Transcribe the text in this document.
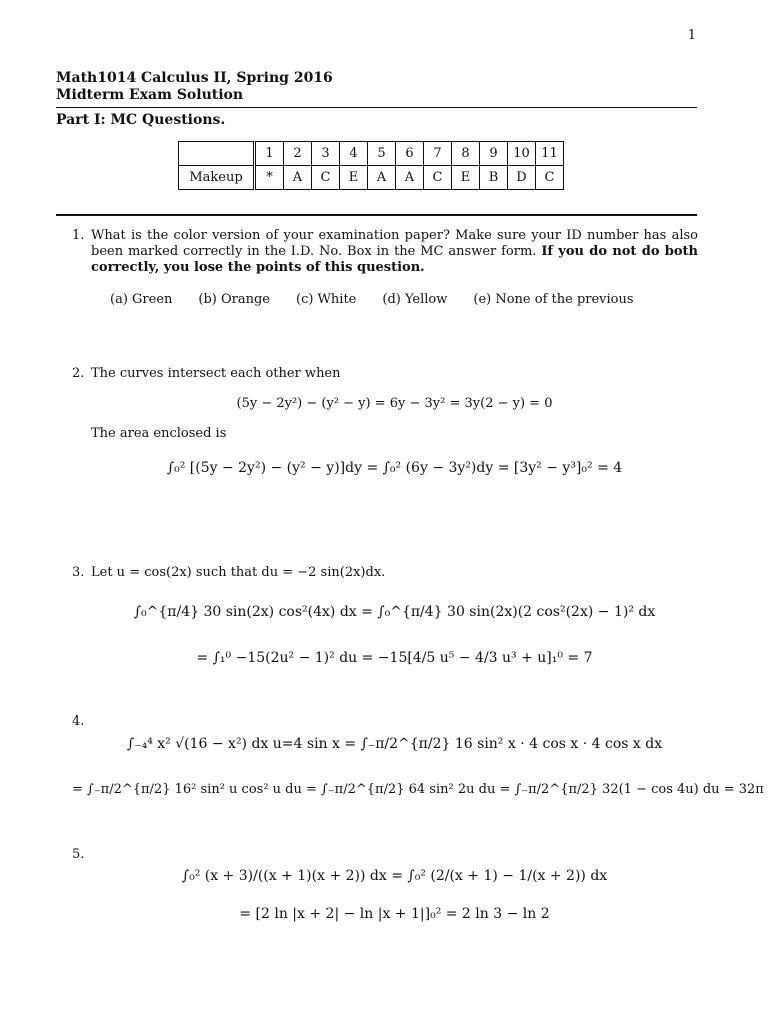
1
Math1014 Calculus II, Spring 2016
Midterm Exam Solution
Part I: MC Questions.
	1	2	3	4	5	6	7	8	9	10	11
Makeup	*	A	C	E	A	A	C	E	B	D	C
1. What is the color version of your examination paper? Make sure your ID number has also been marked correctly in the I.D. No. Box in the MC answer form. If you do not do both correctly, you lose the points of this question.
(a) Green (b) Orange (c) White (d) Yellow (e) None of the previous
2. The curves intersect each other when
(5y − 2y²) − (y² − y) = 6y − 3y² = 3y(2 − y) = 0
The area enclosed is
∫₀² [(5y − 2y²) − (y² − y)]dy = ∫₀² (6y − 3y²)dy = [3y² − y³]₀² = 4
3. Let u = cos(2x) such that du = −2 sin(2x)dx.
∫₀^{π/4} 30 sin(2x) cos²(4x) dx = ∫₀^{π/4} 30 sin(2x)(2 cos²(2x) − 1)² dx
= ∫₁⁰ −15(2u² − 1)² du = −15[4/5 u⁵ − 4/3 u³ + u]₁⁰ = 7
4.
∫₋₄⁴ x² √(16 − x²) dx u=4 sin x = ∫₋π/2^{π/2} 16 sin² x · 4 cos x · 4 cos x dx
= ∫₋π/2^{π/2} 16² sin² u cos² u du = ∫₋π/2^{π/2} 64 sin² 2u du = ∫₋π/2^{π/2} 32(1 − cos 4u) du = 32π
5.
∫₀² (x + 3)/((x + 1)(x + 2)) dx = ∫₀² (2/(x + 1) − 1/(x + 2)) dx
= [2 ln |x + 2| − ln |x + 1|]₀² = 2 ln 3 − ln 2
